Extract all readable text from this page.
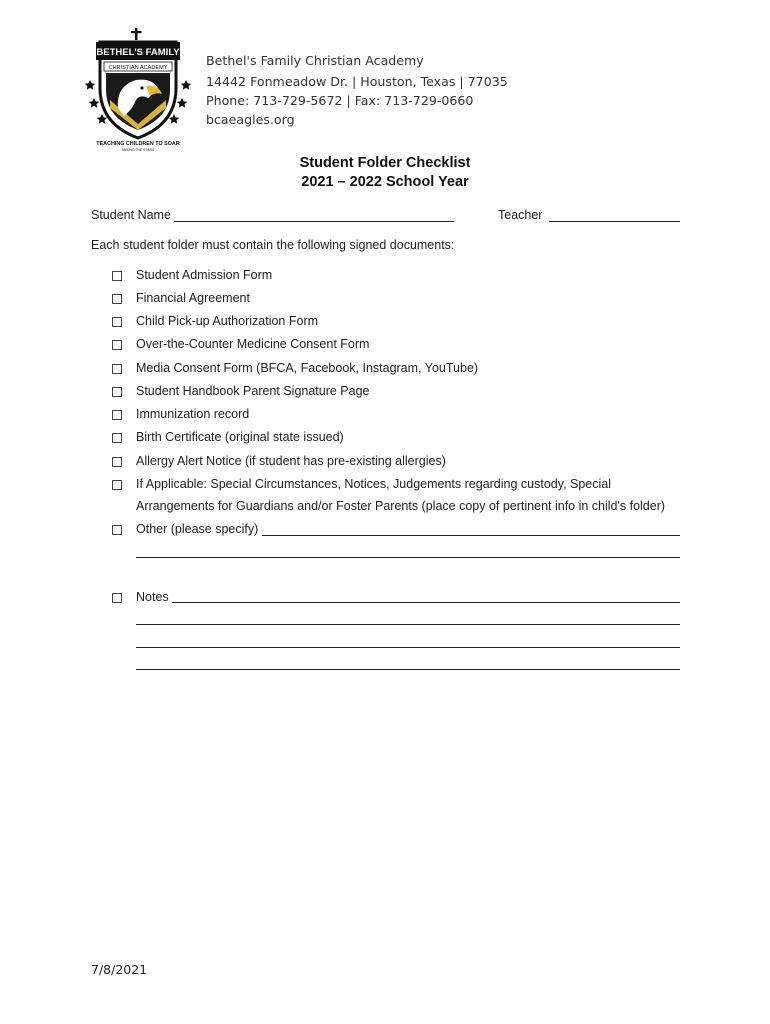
BETHEL'S FAMILY
CHRISTIAN ACADEMY
TEACHING CHILDREN TO SOAR
AMONG THE STARS
Bethel's Family Christian Academy
14442 Fonmeadow Dr. | Houston, Texas | 77035
Phone: 713-729-5672 | Fax: 713-729-0660
bcaeagles.org
Student Folder Checklist
2021 – 2022 School Year
Student Name	Teacher
Each student folder must contain the following signed documents:
Student Admission Form
Financial Agreement
Child Pick-up Authorization Form
Over-the-Counter Medicine Consent Form
Media Consent Form (BFCA, Facebook, Instagram, YouTube)
Student Handbook Parent Signature Page
Immunization record
Birth Certificate (original state issued)
Allergy Alert Notice (if student has pre-existing allergies)
If Applicable: Special Circumstances, Notices, Judgements regarding custody, Special
Arrangements for Guardians and/or Foster Parents (place copy of pertinent info in child's folder)
Other (please specify)
Notes
7/8/2021
